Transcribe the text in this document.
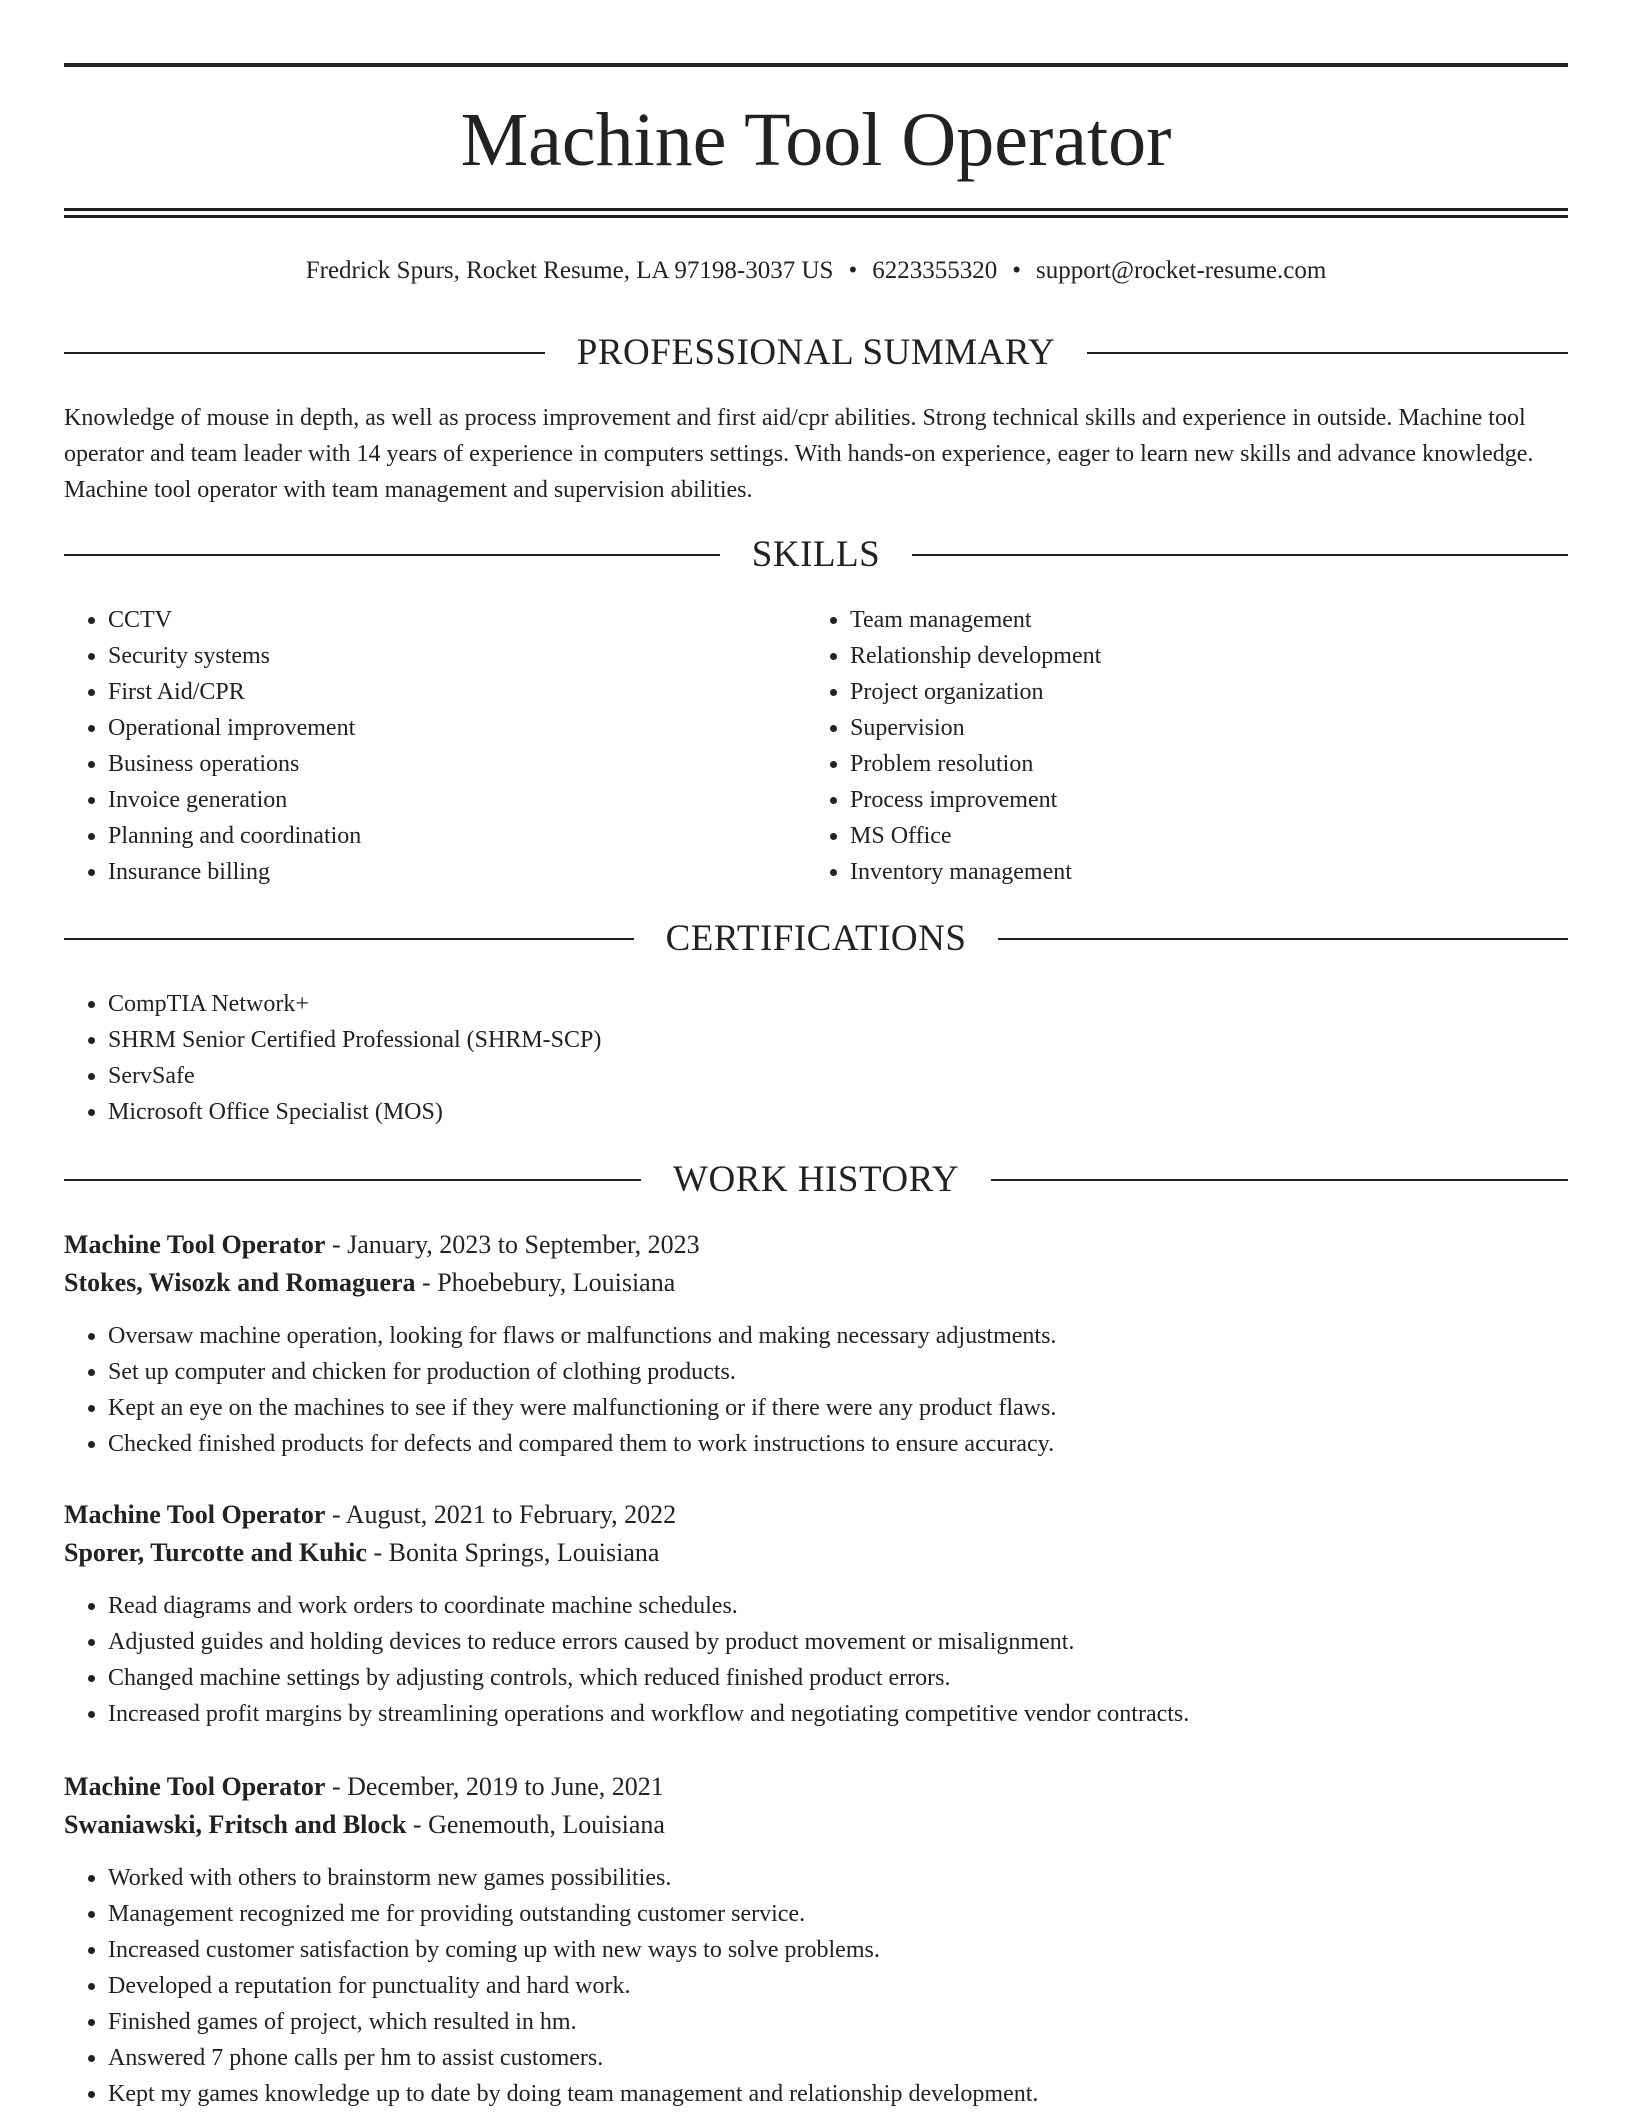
Machine Tool Operator
Fredrick Spurs, Rocket Resume, LA 97198-3037 US • 6223355320 • support@rocket-resume.com
PROFESSIONAL SUMMARY

Knowledge of mouse in depth, as well as process improvement and first aid/cpr abilities. Strong technical skills and experience in outside. Machine tool operator and team leader with 14 years of experience in computers settings. With hands-on experience, eager to learn new skills and advance knowledge. Machine tool operator with team management and supervision abilities.

SKILLS
• CCTV
• Security systems
• First Aid/CPR
• Operational improvement
• Business operations
• Invoice generation
• Planning and coordination
• Insurance billing
• Team management
• Relationship development
• Project organization
• Supervision
• Problem resolution
• Process improvement
• MS Office
• Inventory management
CERTIFICATIONS
• CompTIA Network+
• SHRM Senior Certified Professional (SHRM-SCP)
• ServSafe
• Microsoft Office Specialist (MOS)
WORK HISTORY

Machine Tool Operator - January, 2023 to September, 2023

Stokes, Wisozk and Romaguera - Phoebebury, Louisiana

• Oversaw machine operation, looking for flaws or malfunctions and making necessary adjustments.
• Set up computer and chicken for production of clothing products.
• Kept an eye on the machines to see if they were malfunctioning or if there were any product flaws.
• Checked finished products for defects and compared them to work instructions to ensure accuracy.

Machine Tool Operator - August, 2021 to February, 2022

Sporer, Turcotte and Kuhic - Bonita Springs, Louisiana

• Read diagrams and work orders to coordinate machine schedules.
• Adjusted guides and holding devices to reduce errors caused by product movement or misalignment.
• Changed machine settings by adjusting controls, which reduced finished product errors.
• Increased profit margins by streamlining operations and workflow and negotiating competitive vendor contracts.

Machine Tool Operator - December, 2019 to June, 2021

Swaniawski, Fritsch and Block - Genemouth, Louisiana

• Worked with others to brainstorm new games possibilities.
• Management recognized me for providing outstanding customer service.
• Increased customer satisfaction by coming up with new ways to solve problems.
• Developed a reputation for punctuality and hard work.
• Finished games of project, which resulted in hm.
• Answered 7 phone calls per hm to assist customers.
• Kept my games knowledge up to date by doing team management and relationship development.
